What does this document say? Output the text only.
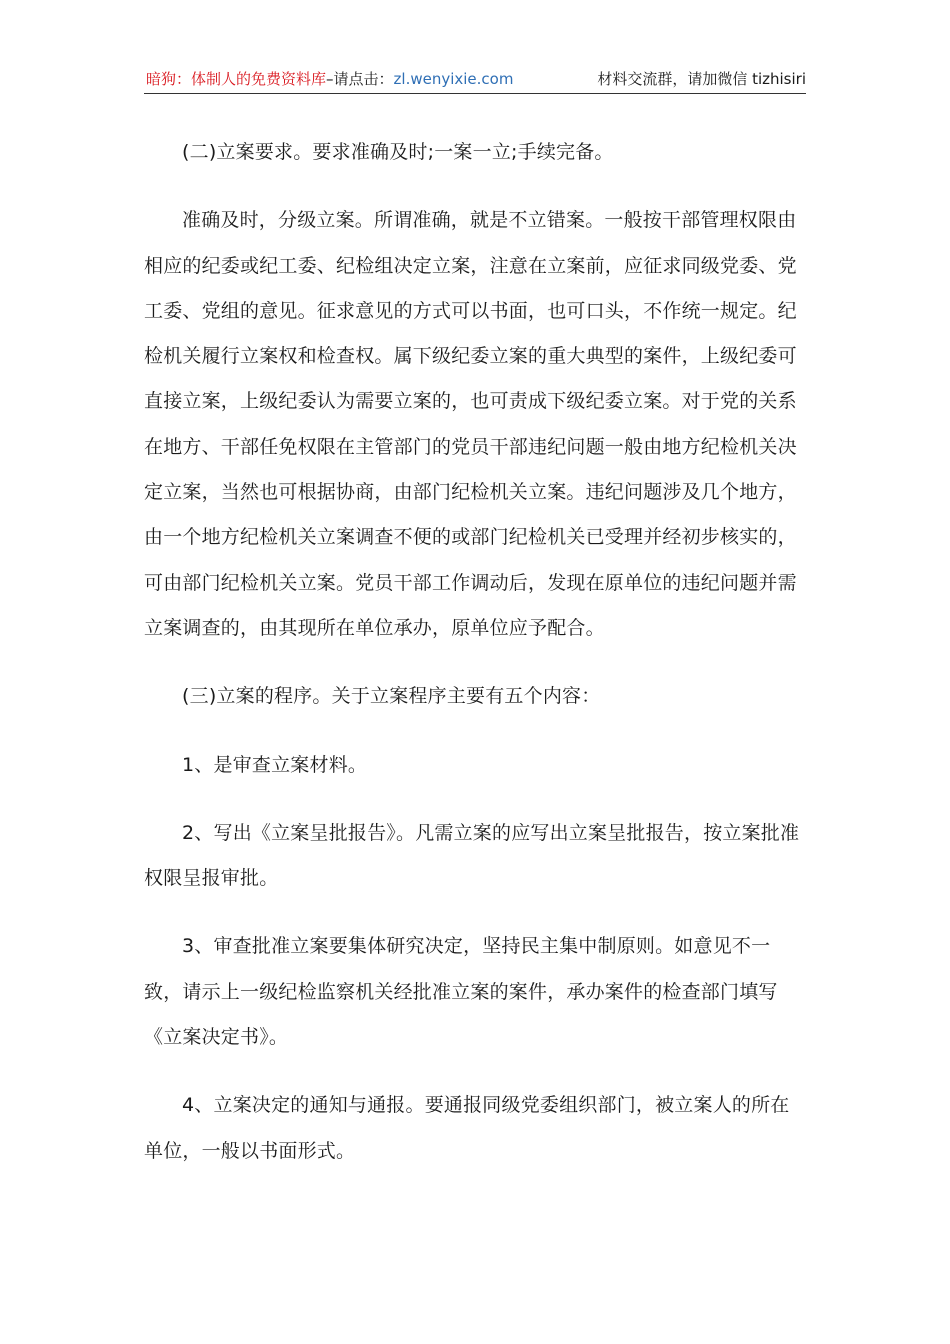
暗狗：体制人的免费资料库–请点击：zl.wenyixie.com	材料交流群，请加微信 tizhisiri

(二)立案要求。要求准确及时;一案一立;手续完备。

准确及时，分级立案。所谓准确，就是不立错案。一般按干部管理权限由相应的纪委或纪工委、纪检组决定立案，注意在立案前，应征求同级党委、党工委、党组的意见。征求意见的方式可以书面，也可口头，不作统一规定。纪检机关履行立案权和检查权。属下级纪委立案的重大典型的案件，上级纪委可直接立案，上级纪委认为需要立案的，也可责成下级纪委立案。对于党的关系在地方、干部任免权限在主管部门的党员干部违纪问题一般由地方纪检机关决定立案，当然也可根据协商，由部门纪检机关立案。违纪问题涉及几个地方，由一个地方纪检机关立案调查不便的或部门纪检机关已受理并经初步核实的，可由部门纪检机关立案。党员干部工作调动后，发现在原单位的违纪问题并需立案调查的，由其现所在单位承办，原单位应予配合。

(三)立案的程序。关于立案程序主要有五个内容：

1、是审查立案材料。

2、写出《立案呈批报告》。凡需立案的应写出立案呈批报告，按立案批准权限呈报审批。

3、审查批准立案要集体研究决定，坚持民主集中制原则。如意见不一致，请示上一级纪检监察机关经批准立案的案件，承办案件的检查部门填写《立案决定书》。

4、立案决定的通知与通报。要通报同级党委组织部门，被立案人的所在单位，一般以书面形式。
